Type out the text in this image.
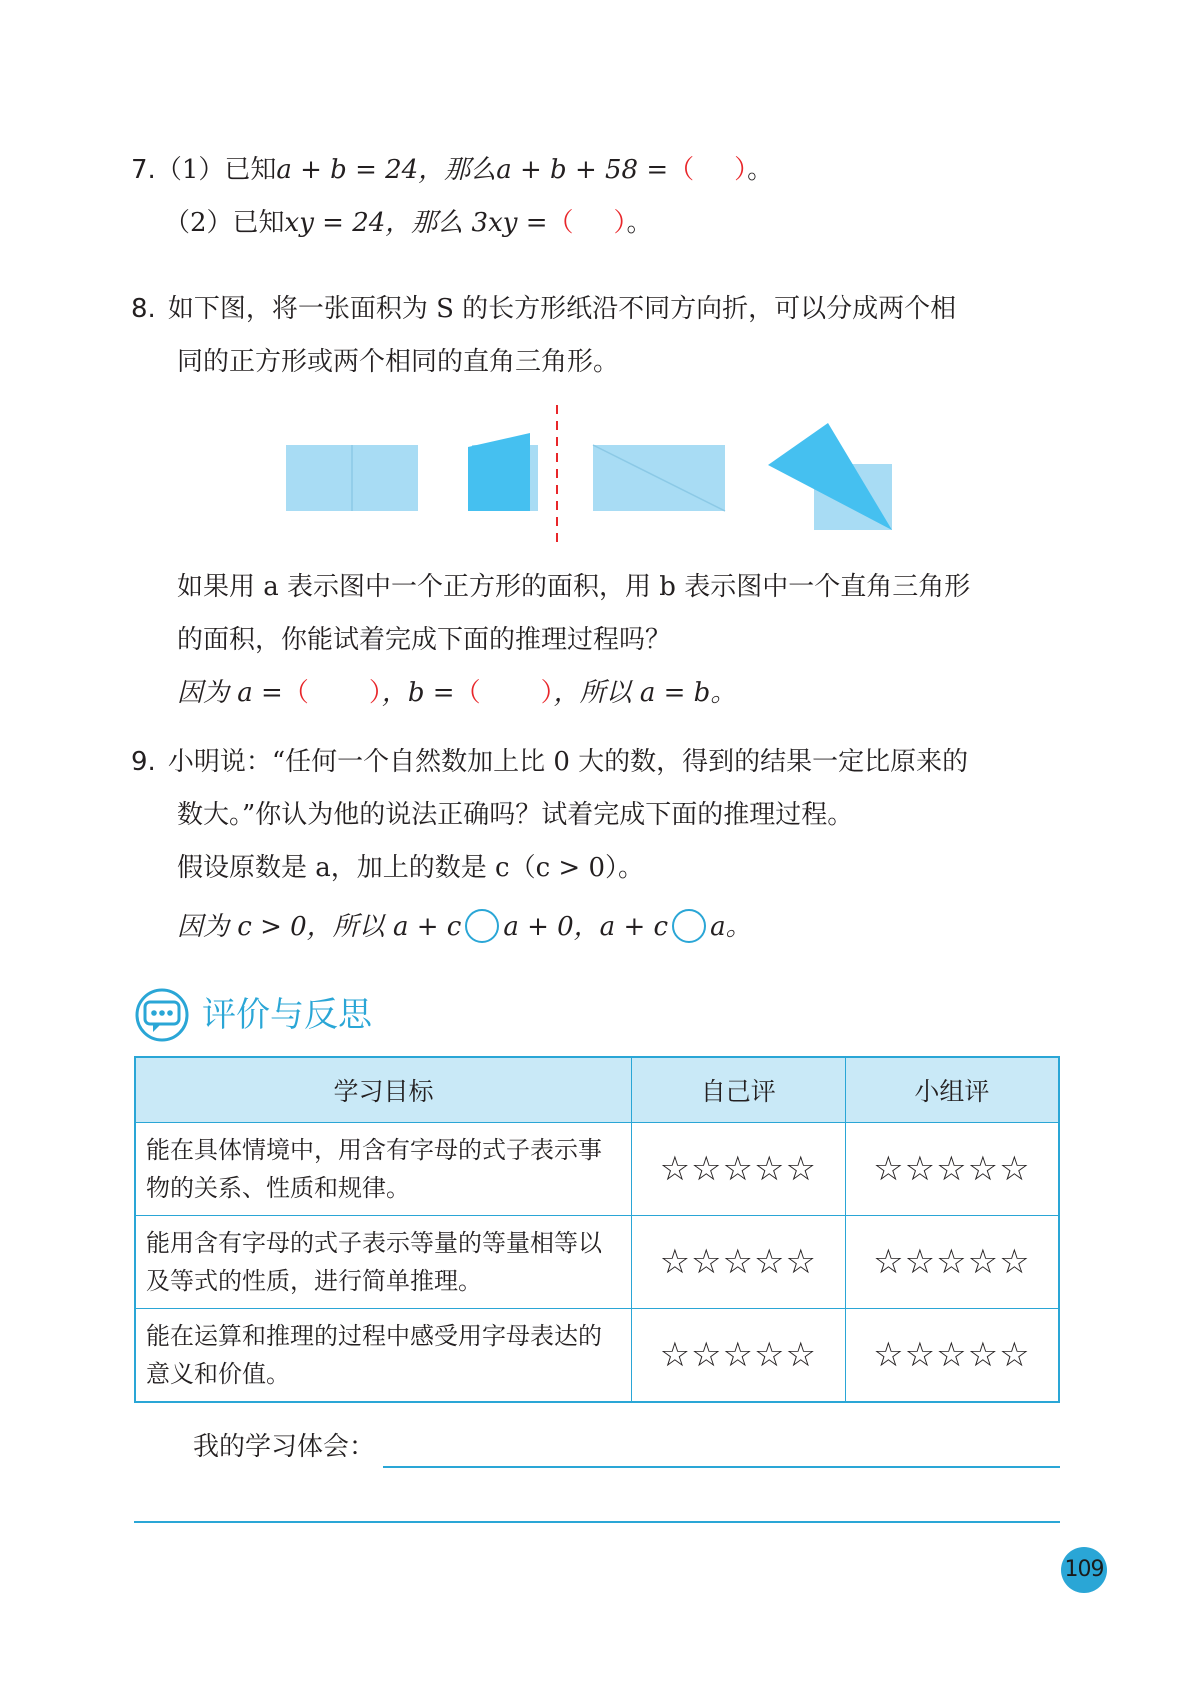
7.（1）已知a + b = 24，那么a + b + 58 =（ ）。
（2）已知xy = 24，那么 3xy =（ ）。
8. 如下图，将一张面积为 S 的长方形纸沿不同方向折，可以分成两个相
同的正方形或两个相同的直角三角形。
如果用 a 表示图中一个正方形的面积，用 b 表示图中一个直角三角形
的面积，你能试着完成下面的推理过程吗？
因为 a =（ ），b =（ ），所以 a = b。
9. 小明说：“任何一个自然数加上比 0 大的数，得到的结果一定比原来的
数大。”你认为他的说法正确吗？试着完成下面的推理过程。
假设原数是 a，加上的数是 c（c > 0）。
因为 c > 0，所以 a + c a + 0，a + c a。
评价与反思
学习目标	自己评	小组评
能在具体情境中，用含有字母的式子表示事物的关系、性质和规律。	☆☆☆☆☆	☆☆☆☆☆
能用含有字母的式子表示等量的等量相等以及等式的性质，进行简单推理。	☆☆☆☆☆	☆☆☆☆☆
能在运算和推理的过程中感受用字母表达的意义和价值。	☆☆☆☆☆	☆☆☆☆☆
我的学习体会：
109
